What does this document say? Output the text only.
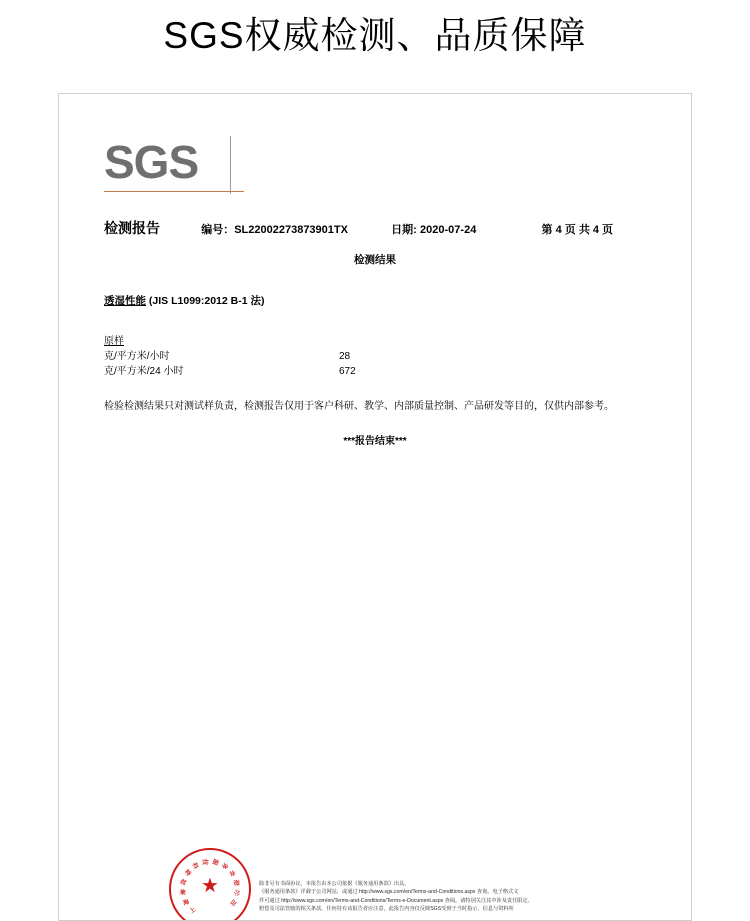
SGS权威检测、品质保障
SGS
检测报告	编号：SL22002273873901TX	日期: 2020-07-24	第 4 页 共 4 页
检测结果
透湿性能 (JIS L1099:2012 B-1 法)
原样
克/平方米/小时	28
克/平方米/24 小时	672
检验检测结果只对测试样负责，检测报告仅用于客户科研、教学、内部质量控制、产品研发等目的，仅供内部参考。
***报告结束***
上
海
莱
丝
特
科
技 服 务
有
限
公
司
★	除非另有书面协议，本报告由本公司依据《服务通用条款》出具。
《服务通用条款》详载于公司网站，或通过 http://www.sgs.com/en/Terms-and-Conditions.aspx 查询。电子格式文
件可通过 http://www.sgs.com/en/Terms-and-Conditions/Terms-e-Document.aspx 查阅。请特别关注其中涉及责任限定、
赔偿及司法管辖的相关条款。任何持有该报告者应注意，此报告内容仅反映SGS受到于当时指示、信息与资料所
